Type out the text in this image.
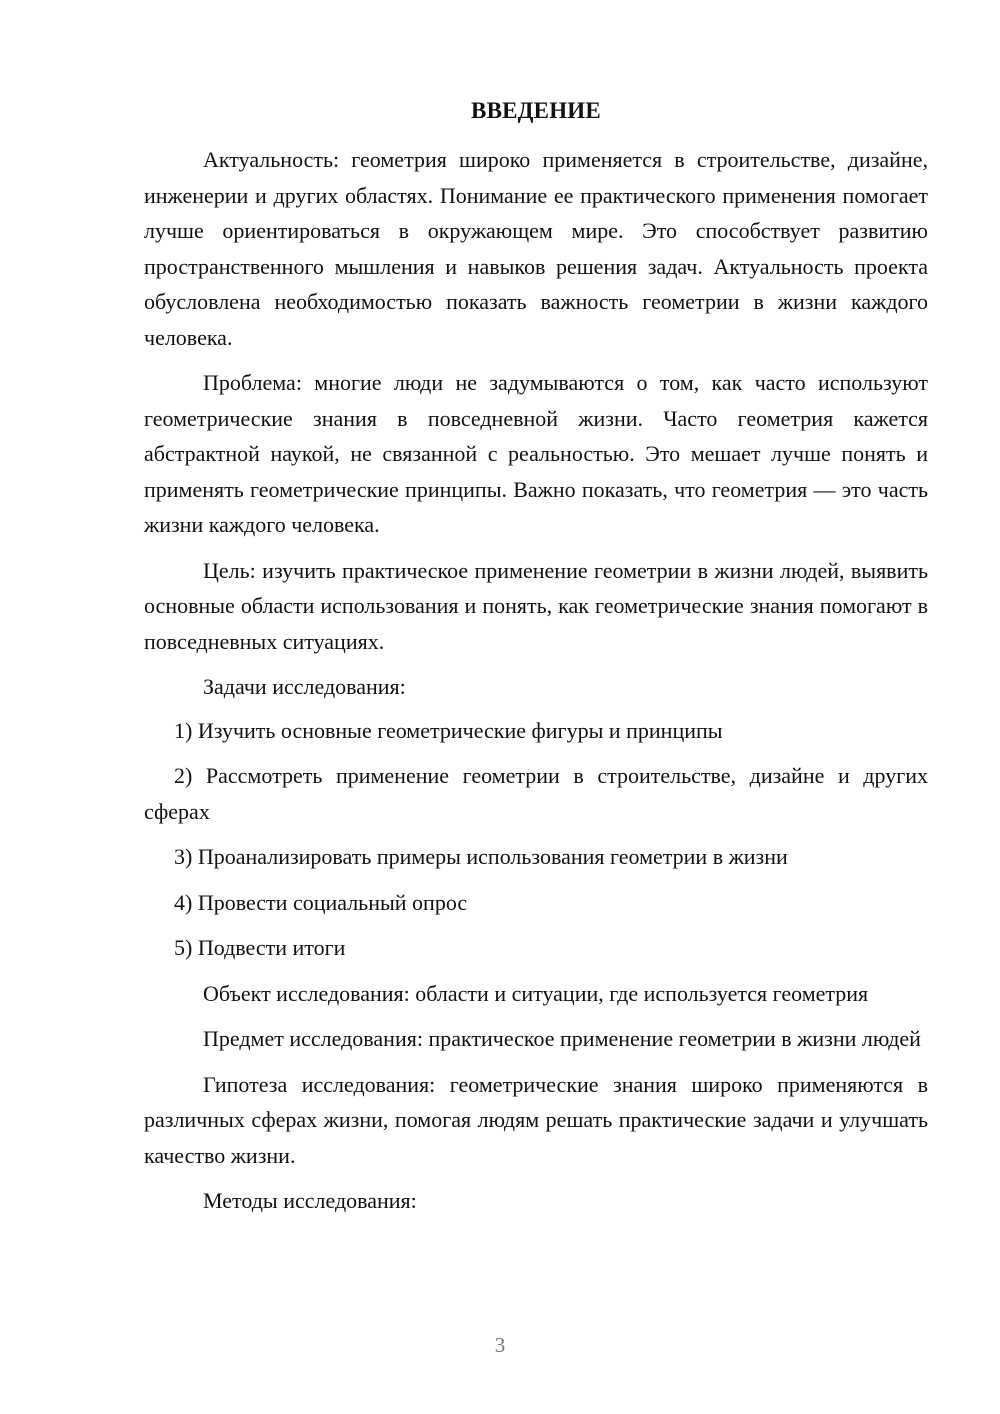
ВВЕДЕНИЕ

Актуальность: геометрия широко применяется в строительстве, дизайне, инженерии и других областях. Понимание ее практического применения помогает лучше ориентироваться в окружающем мире. Это способствует развитию пространственного мышления и навыков решения задач. Актуальность проекта обусловлена необходимостью показать важность геометрии в жизни каждого человека.

Проблема: многие люди не задумываются о том, как часто используют геометрические знания в повседневной жизни. Часто геометрия кажется абстрактной наукой, не связанной с реальностью. Это мешает лучше понять и применять геометрические принципы. Важно показать, что геометрия — это часть жизни каждого человека.

Цель: изучить практическое применение геометрии в жизни людей, выявить основные области использования и понять, как геометрические знания помогают в повседневных ситуациях.

Задачи исследования:

1) Изучить основные геометрические фигуры и принципы

2) Рассмотреть применение геометрии в строительстве, дизайне и других сферах

3) Проанализировать примеры использования геометрии в жизни

4) Провести социальный опрос

5) Подвести итоги

Объект исследования: области и ситуации, где используется геометрия

Предмет исследования: практическое применение геометрии в жизни людей

Гипотеза исследования: геометрические знания широко применяются в различных сферах жизни, помогая людям решать практические задачи и улучшать качество жизни.

Методы исследования:

3
